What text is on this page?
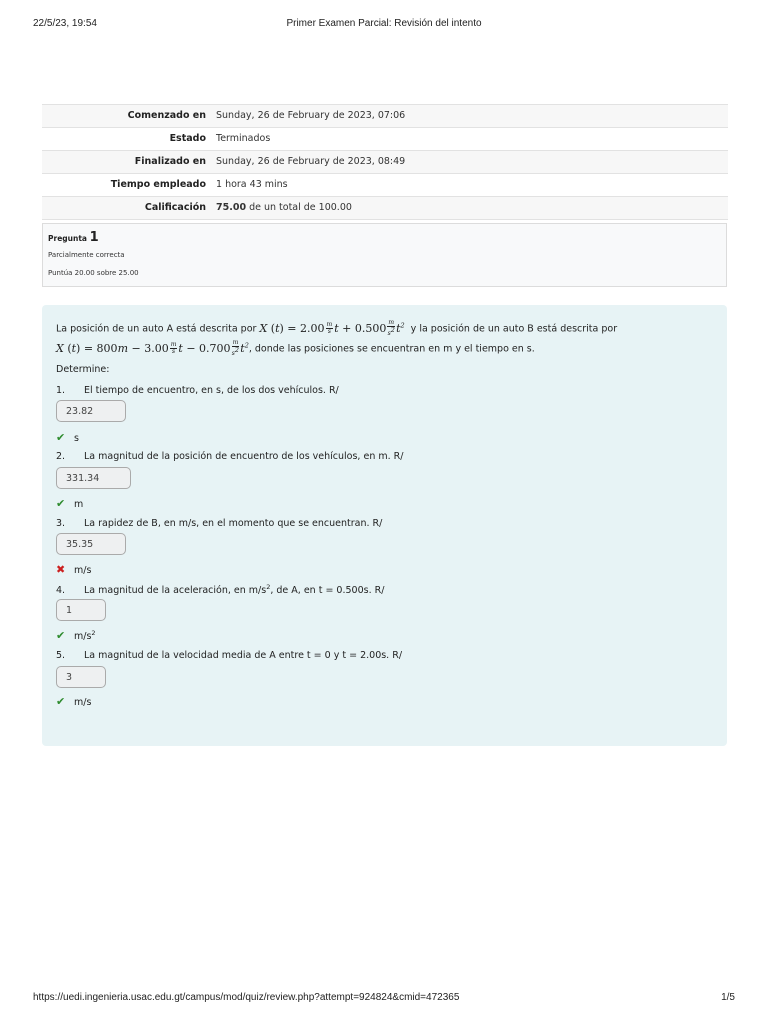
22/5/23, 19:54	Primer Examen Parcial: Revisión del intento
Comenzado en	Sunday, 26 de February de 2023, 07:06
Estado	Terminados
Finalizado en	Sunday, 26 de February de 2023, 08:49
Tiempo empleado	1 hora 43 mins
Calificación	75.00 de un total de 100.00
Pregunta 1
Parcialmente correcta
Puntúa 20.00 sobre 25.00
La posición de un auto A está descrita por X $(t) = 2.00 \frac{m}{s}$ $t + 0.500 \frac{m}{s^2} t^2$ y la posición de un auto B está descrita por
X $(t) = 800m - 3.00 \frac{m}{s}$ $t - 0.700 \frac{m}{s^2} t^2$, donde las posiciones se encuentran en m y el tiempo en s.
Determine:
1. El tiempo de encuentro, en s, de los dos vehículos. R/
23.82
✔ s
2. La magnitud de la posición de encuentro de los vehículos, en m. R/
331.34
✔ m
3. La rapidez de B, en m/s, en el momento que se encuentran. R/
35.35
✖ m/s
4. La magnitud de la aceleración, en $m/s^2$, de A, en t = 0.500s. R/
1
✔ $m/s^2$
5. La magnitud de la velocidad media de A entre t = 0 y t = 2.00s. R/
3
✔ m/s
https://uedi.ingenieria.usac.edu.gt/campus/mod/quiz/review.php?attempt=924824&cmid=472365	1/5
